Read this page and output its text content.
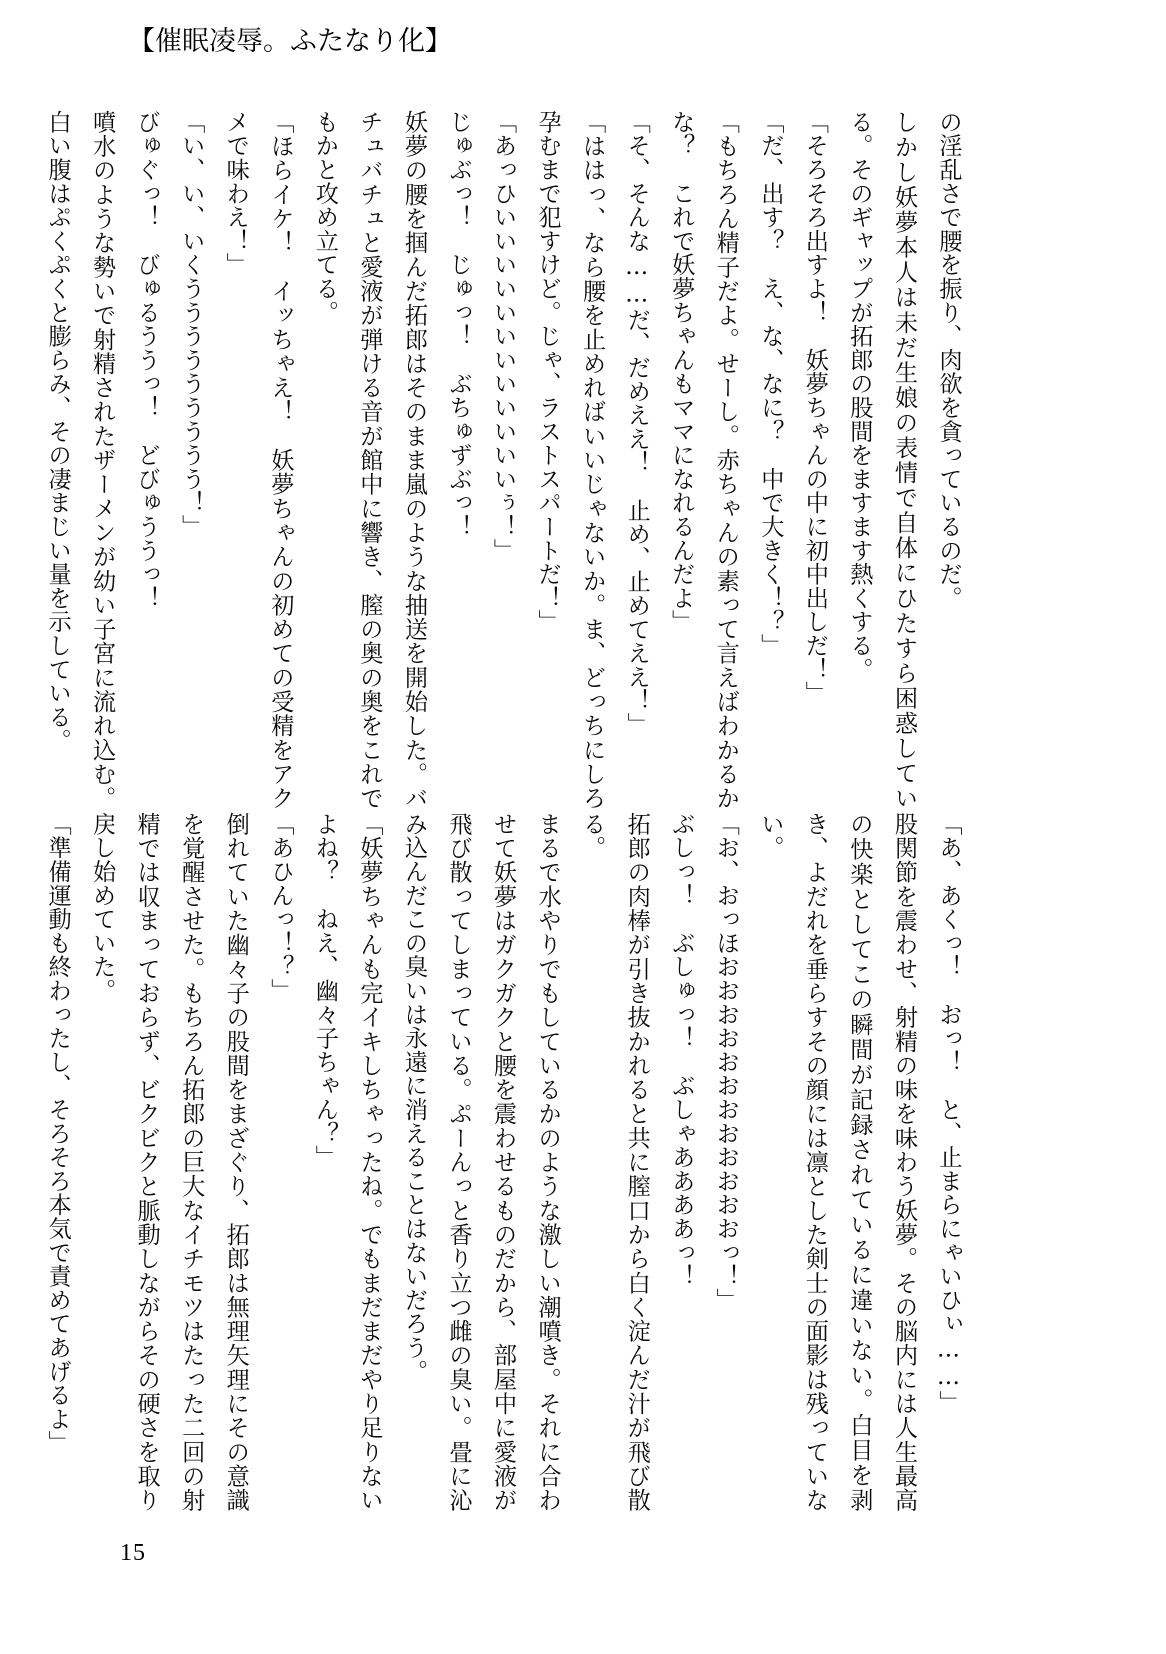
【催眠凌辱。ふたなり化】

の淫乱さで腰を振り、肉欲を貪っているのだ。

しかし妖夢本人は未だ生娘の表情で自体にひたすら困惑している。そのギャップが拓郎の股間をますます熱くする。

「そろそろ出すよ！　妖夢ちゃんの中に初中出しだ！」

「だ、出す？　え、な、なに？　中で大きく！？」

「もちろん精子だよ。せーし。赤ちゃんの素って言えばわかるかな？　これで妖夢ちゃんもママになれるんだよ」

「そ、そんな……だ、だめええ！　止め、止めてええ！」

「ははっ、なら腰を止めればいいじゃないか。ま、どっちにしろ孕むまで犯すけど。じゃ、ラストスパートだ！」

「あっひいいいいいいいいいいいいぅ！」

じゅぶっ！　じゅっ！　ぶちゅずぶっ！

妖夢の腰を掴んだ拓郎はそのまま嵐のような抽送を開始した。バチュバチュと愛液が弾ける音が館中に響き、膣の奥の奥をこれでもかと攻め立てる。

「ほらイケ！　イッちゃえ！　妖夢ちゃんの初めての受精をアクメで味わえ！」

「い、い、いくううううううううう！」

びゅぐっ！　びゅるううっ！　どびゅううっ！

噴水のような勢いで射精されたザーメンが幼い子宮に流れ込む。白い腹はぷくぷくと膨らみ、その凄まじい量を示している。

「あ、あくっ！　おっ！　と、止まらにゃいひぃ……」

股関節を震わせ、射精の味を味わう妖夢。その脳内には人生最高の快楽としてこの瞬間が記録されているに違いない。白目を剥き、よだれを垂らすその顔には凛とした剣士の面影は残っていない。

「お、おっほおおおおおおおおおおおおっ！」

ぶしっ！　ぶしゅっ！　ぶしゃああああっ！

拓郎の肉棒が引き抜かれると共に膣口から白く淀んだ汁が飛び散る。

まるで水やりでもしているかのような激しい潮噴き。それに合わせて妖夢はガクガクと腰を震わせるものだから、部屋中に愛液が飛び散ってしまっている。ぷーんっと香り立つ雌の臭い。畳に沁み込んだこの臭いは永遠に消えることはないだろう。

「妖夢ちゃんも完イキしちゃったね。でもまだまだやり足りないよね？　ねえ、幽々子ちゃん？」

「あひんっ！？」

倒れていた幽々子の股間をまざぐり、拓郎は無理矢理にその意識を覚醒させた。もちろん拓郎の巨大なイチモツはたった二回の射精では収まっておらず、ビクビクと脈動しながらその硬さを取り戻し始めていた。

「準備運動も終わったし、そろそろ本気で責めてあげるよ」

15
